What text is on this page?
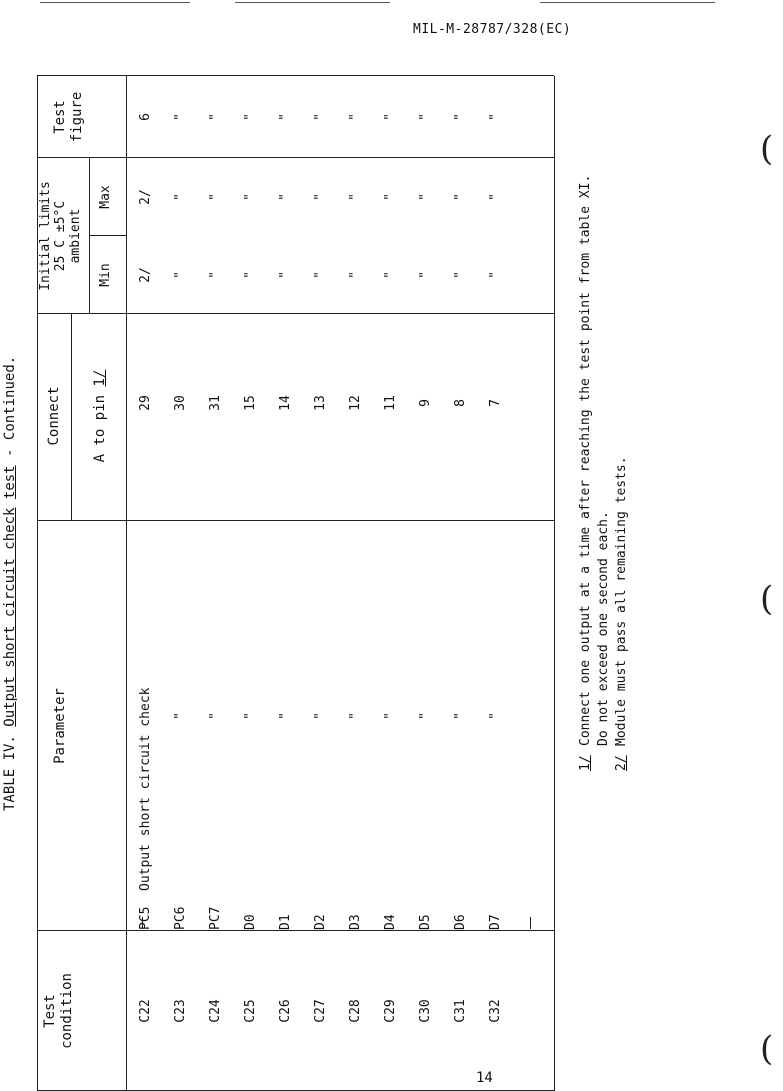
MIL-M-28787/328(EC)
(
(
(
TABLE IV. Output short circuit check test - Continued.
Test condition
Parameter
Connect A to pin 1/
Initial limits 25 C ±5°C ambient
Min
Max
Test figure
C22
PC5
Output short circuit check
29
2/
2/
6
C23
PC6
"
30
"
"
"
C24
PC7
"
31
"
"
"
C25
D0
"
15
"
"
"
C26
D1
"
14
"
"
"
C27
D2
"
13
"
"
"
C28
D3
"
12
"
"
"
C29
D4
"
11
"
"
"
C30
D5
"
9
"
"
"
C31
D6
"
8
"
"
"
C32
D7
"
7
"
"
"
1/
Connect one output at a time after reaching the test point from table XI. Do not exceed one second each.
2/
Module must pass all remaining tests.
14
